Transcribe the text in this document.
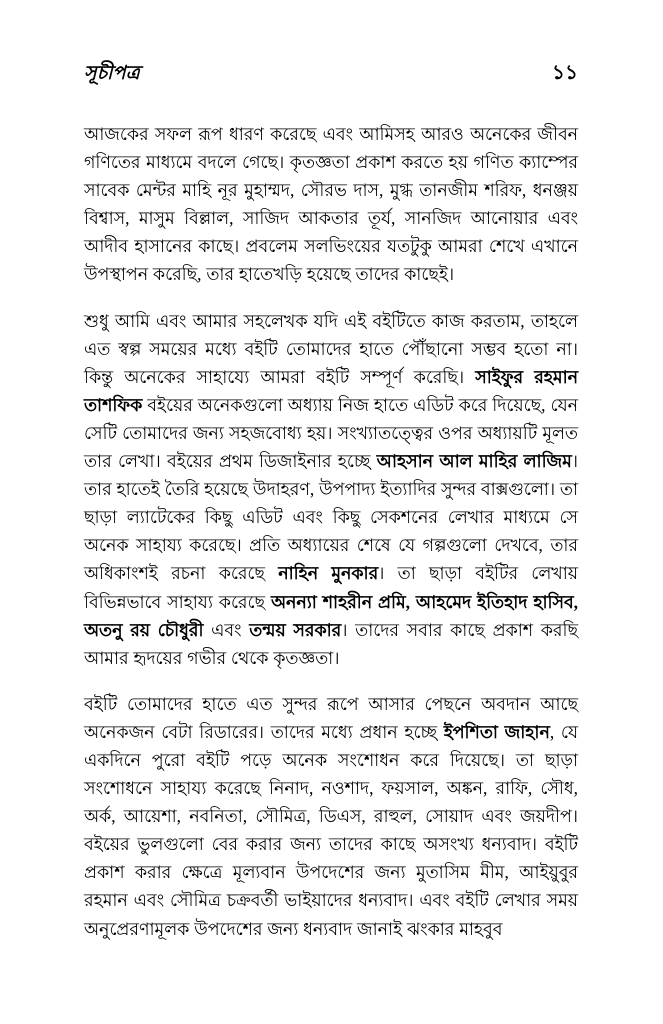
সূচীপত্র	১১

আজকের সফল রূপ ধারণ করেছে এবং আমিসহ আরও অনেকের জীবন গণিতের মাধ্যমে বদলে গেছে। কৃতজ্ঞতা প্রকাশ করতে হয় গণিত ক্যাম্পের সাবেক মেন্টর মাহি নূর মুহাম্মদ, সৌরভ দাস, মুগ্ধ তানজীম শরিফ, ধনঞ্জয় বিশ্বাস, মাসুম বিল্লাল, সাজিদ আকতার তূর্য, সানজিদ আনোয়ার এবং আদীব হাসানের কাছে। প্রবলেম সলভিংয়ের যতটুকু আমরা শেখে এখানে উপস্থাপন করেছি, তার হাতেখড়ি হয়েছে তাদের কাছেই।

শুধু আমি এবং আমার সহলেখক যদি এই বইটিতে কাজ করতাম, তাহলে এত স্বল্প সময়ের মধ্যে বইটি তোমাদের হাতে পৌঁছানো সম্ভব হতো না। কিন্তু অনেকের সাহায্যে আমরা বইটি সম্পূর্ণ করেছি। সাইফুর রহমান তাশফিক বইয়ের অনেকগুলো অধ্যায় নিজ হাতে এডিট করে দিয়েছে, যেন সেটি তোমাদের জন্য সহজবোধ্য হয়। সংখ্যাতত্ত্বের ওপর অধ্যায়টি মূলত তার লেখা। বইয়ের প্রথম ডিজাইনার হচ্ছে আহসান আল মাহির লাজিম। তার হাতেই তৈরি হয়েছে উদাহরণ, উপপাদ্য ইত্যাদির সুন্দর বাক্সগুলো। তা ছাড়া ল্যাটেকের কিছু এডিট এবং কিছু সেকশনের লেখার মাধ্যমে সে অনেক সাহায্য করেছে। প্রতি অধ্যায়ের শেষে যে গল্পগুলো দেখবে, তার অধিকাংশই রচনা করেছে নাহিন মুনকার। তা ছাড়া বইটির লেখায় বিভিন্নভাবে সাহায্য করেছে অনন্যা শাহরীন প্রমি, আহমেদ ইতিহাদ হাসিব, অতনু রয় চৌধুরী এবং তন্ময় সরকার। তাদের সবার কাছে প্রকাশ করছি আমার হৃদয়ের গভীর থেকে কৃতজ্ঞতা।

বইটি তোমাদের হাতে এত সুন্দর রূপে আসার পেছনে অবদান আছে অনেকজন বেটা রিডারের। তাদের মধ্যে প্রধান হচ্ছে ইপশিতা জাহান, যে একদিনে পুরো বইটি পড়ে অনেক সংশোধন করে দিয়েছে। তা ছাড়া সংশোধনে সাহায্য করেছে নিনাদ, নওশাদ, ফয়সাল, অঙ্কন, রাফি, সৌধ, অর্ক, আয়েশা, নবনিতা, সৌমিত্র, ডিএস, রাহুল, সোয়াদ এবং জয়দীপ। বইয়ের ভুলগুলো বের করার জন্য তাদের কাছে অসংখ্য ধন্যবাদ। বইটি প্রকাশ করার ক্ষেত্রে মূল্যবান উপদেশের জন্য মুতাসিম মীম, আইয়ুবুর রহমান এবং সৌমিত্র চক্রবর্তী ভাইয়াদের ধন্যবাদ। এবং বইটি লেখার সময় অনুপ্রেরণামূলক উপদেশের জন্য ধন্যবাদ জানাই ঝংকার মাহবুব
